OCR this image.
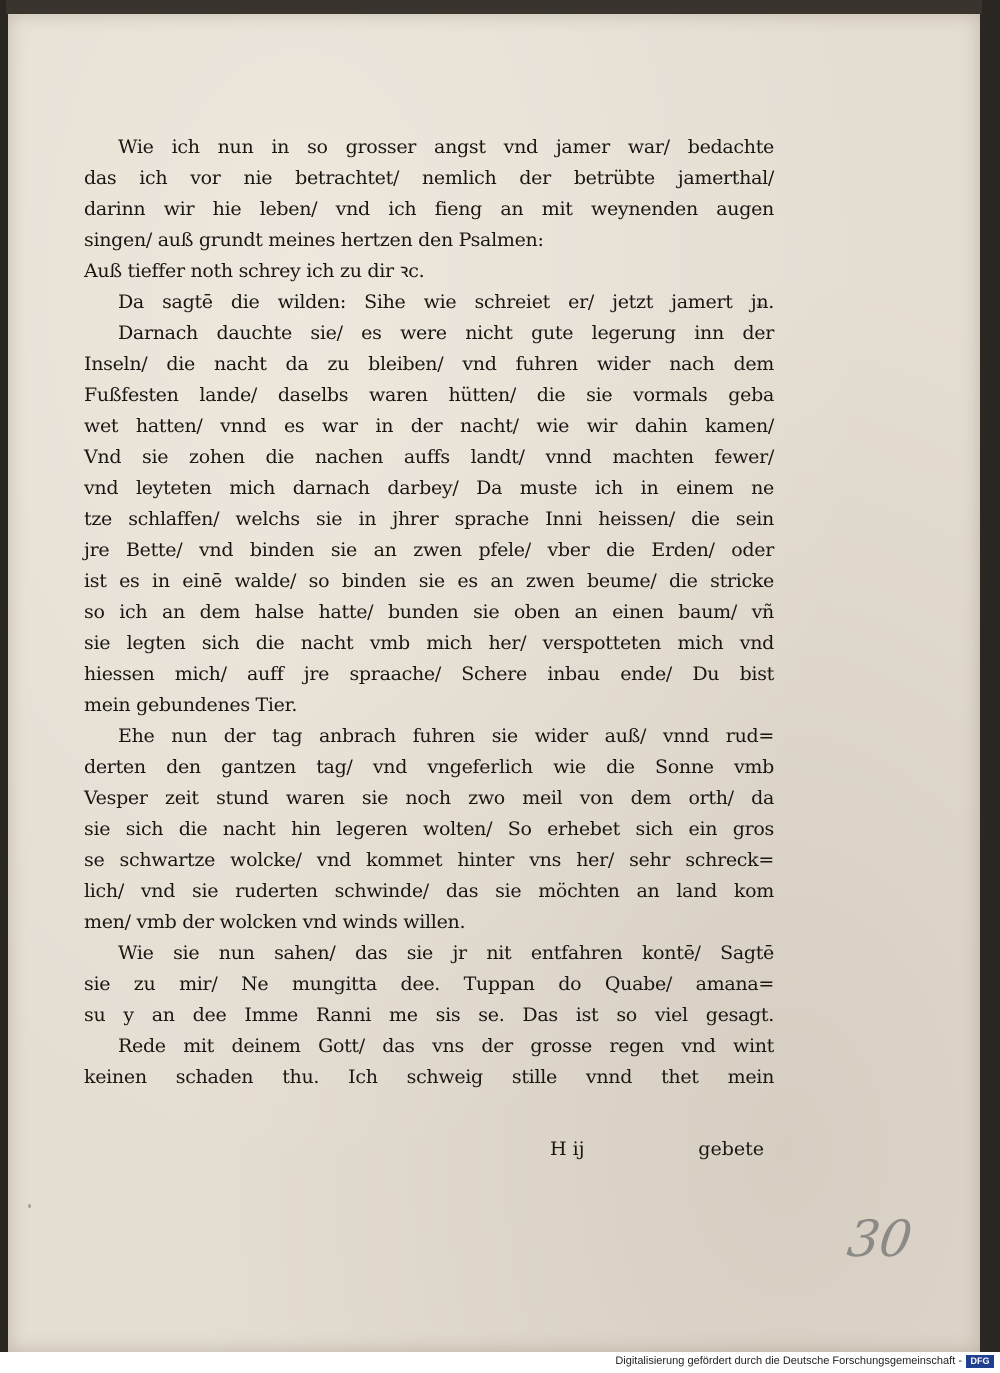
Wie ich nun in so grosser angst vnd jamer war/ bedachte
das ich vor nie betrachtet/ nemlich der betrübte jamerthal/
darinn wir hie leben/ vnd ich fieng an mit weynenden augen
singen/ auß grundt meines hertzen den Psalmen:
Auß tieffer noth schrey ich zu dir ꝛc.
Da sagtē die wilden: Sihe wie schreiet er/ jetzt jamert jn.
Darnach dauchte sie/ es were nicht gute legerung inn der
Inseln/ die nacht da zu bleiben/ vnd fuhren wider nach dem
Fußfesten lande/ daselbs waren hütten/ die sie vormals geba
wet hatten/ vnnd es war in der nacht/ wie wir dahin kamen/
Vnd sie zohen die nachen auffs landt/ vnnd machten fewer/
vnd leyteten mich darnach darbey/ Da muste ich in einem ne
tze schlaffen/ welchs sie in jhrer sprache Inni heissen/ die sein
jre Bette/ vnd binden sie an zwen pfele/ vber die Erden/ oder
ist es in einē walde/ so binden sie es an zwen beume/ die stricke
so ich an dem halse hatte/ bunden sie oben an einen baum/ vñ
sie legten sich die nacht vmb mich her/ verspotteten mich vnd
hiessen mich/ auff jre spraache/ Schere inbau ende/ Du bist
mein gebundenes Tier.
Ehe nun der tag anbrach fuhren sie wider auß/ vnnd rud=
derten den gantzen tag/ vnd vngeferlich wie die Sonne vmb
Vesper zeit stund waren sie noch zwo meil von dem orth/ da
sie sich die nacht hin legeren wolten/ So erhebet sich ein gros
se schwartze wolcke/ vnd kommet hinter vns her/ sehr schreck=
lich/ vnd sie ruderten schwinde/ das sie möchten an land kom
men/ vmb der wolcken vnd winds willen.
Wie sie nun sahen/ das sie jr nit entfahren kontē/ Sagtē
sie zu mir/ Ne mungitta dee. Tuppan do Quabe/ amana=
su y an dee Imme Ranni me sis se. Das ist so viel gesagt.
Rede mit deinem Gott/ das vns der grosse regen vnd wint
keinen schaden thu. Ich schweig stille vnnd thet mein
H ij	gebete
30
Digitalisierung gefördert durch die Deutsche Forschungsgemeinschaft - DFG
